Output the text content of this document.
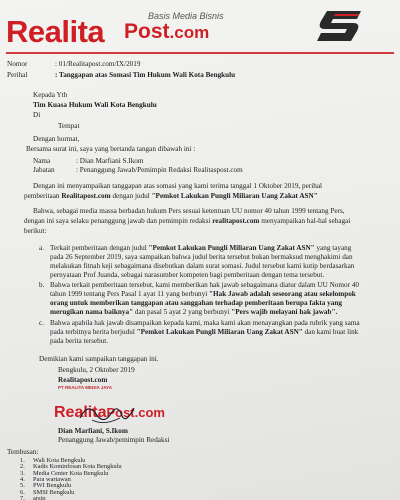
Realita Post.com
Basis Media Bisnis
Nomor	: 01/Realitapost.com/IX/2019
Perihal	: Tanggapan atas Somasi Tim Hukum Wali Kota Bengkulu
Kepada Yth
Tim Kuasa Hukum Wali Kota Bengkulu
Di
Tempat
Dengan hormat,
Bersama surat ini, saya yang bertanda tangan dibawah ini :
Nama	: Dian Marfiani S.Ikom
Jabatan	: Penanggung Jawab/Pemimpin Redaksi Realitaspost.com
Dengan ini menyampaikan tanggapan atas somasi yang kami terima tanggal 1 Oktober 2019, perihal
pemberitaan Realitapost.com dengan judul "Pemkot Lakukan Pungli Miliaran Uang Zakat ASN"
Bahwa, sebagai media massa berbadan hukum Pers sesuai ketentuan UU nomor 40 tahun 1999 tentang Pers,
dengan ini saya selaku penanggung jawab dan pemimpin redaksi realitapost.com menyampaikan hal-hal sebagai
berikut:
a. Terkait pemberitaan dengan judul "Pemkot Lakukan Pungli Miliaran Uang Zakat ASN" yang tayang
pada 26 September 2019, saya sampaikan bahwa judul berita tersebut bukan bermaksud menghakimi dan
melakukan fitnah keji sebagaimana disebutkan dalam surat somasi. Judul tersebut kami kutip berdasarkan
pernyataan Prof Juanda, sebagai narasumber kompeten bagi pemberitaan dengan tema tersebut.
b. Bahwa terkait pemberitaan tersebut, kami memberikan hak jawab sebagaimana diatur dalam UU Nomor 40
tahun 1999 tentang Pers Pasal 1 ayat 11 yang berbunyi "Hak Jawab adalah seseorang atau sekelompok
orang untuk memberikan tanggapan atau sanggahan terhadap pemberitaan berupa fakta yang
merugikan nama baiknya" dan pasal 5 ayat 2 yang berbunyi "Pers wajib melayani hak jawab".
c. Bahwa apabila hak jawab disampaikan kepada kami, maka kami akan menayangkan pada rubrik yang sama
pada terbitnya berita berjudul "Pemkot Lakukan Pungli Miliaran Uang Zakat ASN" dan kami buat link
pada berita tersebut.
Demikian kami sampaikan tanggapan ini.
PT REALITA MEDIA JAYA
Bengkulu, 2 Oktober 2019
Realitapost.com
RealitaPost.com
Dian Marfiani, S.Ikom
Penanggung Jawab/pemimpin Redaksi
Tembusan:
1. Wali Kota Bengkulu
2. Kadis Kominfosan Kota Bengkulu
3. Media Center Kota Bengkulu
4. Para wartawan
5. PWI Bengkulu
6. SMSI Bengkulu
7. arsip
